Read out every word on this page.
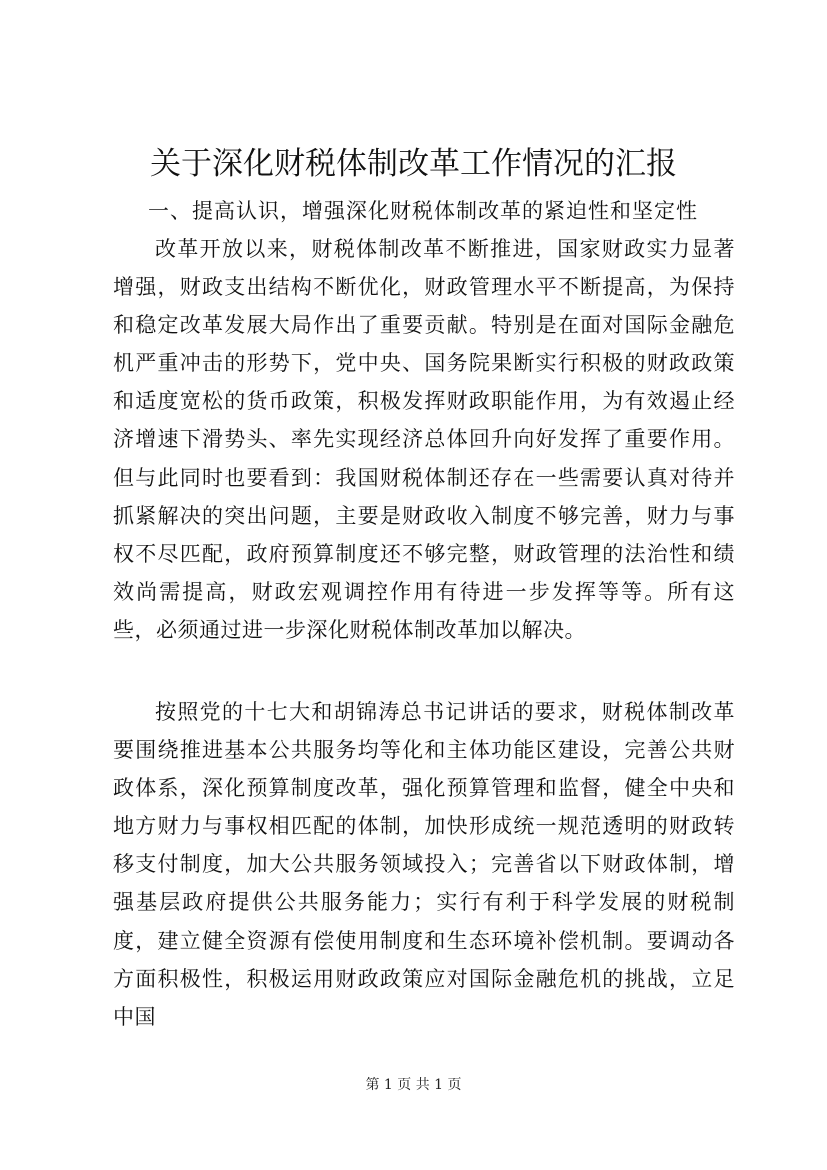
关于深化财税体制改革工作情况的汇报

一、提高认识，增强深化财税体制改革的紧迫性和坚定性

改革开放以来，财税体制改革不断推进，国家财政实力显著增强，财政支出结构不断优化，财政管理水平不断提高，为保持和稳定改革发展大局作出了重要贡献。特别是在面对国际金融危机严重冲击的形势下，党中央、国务院果断实行积极的财政政策和适度宽松的货币政策，积极发挥财政职能作用，为有效遏止经济增速下滑势头、率先实现经济总体回升向好发挥了重要作用。但与此同时也要看到：我国财税体制还存在一些需要认真对待并抓紧解决的突出问题，主要是财政收入制度不够完善，财力与事权不尽匹配，政府预算制度还不够完整，财政管理的法治性和绩效尚需提高，财政宏观调控作用有待进一步发挥等等。所有这些，必须通过进一步深化财税体制改革加以解决。

按照党的十七大和胡锦涛总书记讲话的要求，财税体制改革要围绕推进基本公共服务均等化和主体功能区建设，完善公共财政体系，深化预算制度改革，强化预算管理和监督，健全中央和地方财力与事权相匹配的体制，加快形成统一规范透明的财政转移支付制度，加大公共服务领域投入；完善省以下财政体制，增强基层政府提供公共服务能力；实行有利于科学发展的财税制度，建立健全资源有偿使用制度和生态环境补偿机制。要调动各方面积极性，积极运用财政政策应对国际金融危机的挑战，立足中国

第 1 页 共 1 页
